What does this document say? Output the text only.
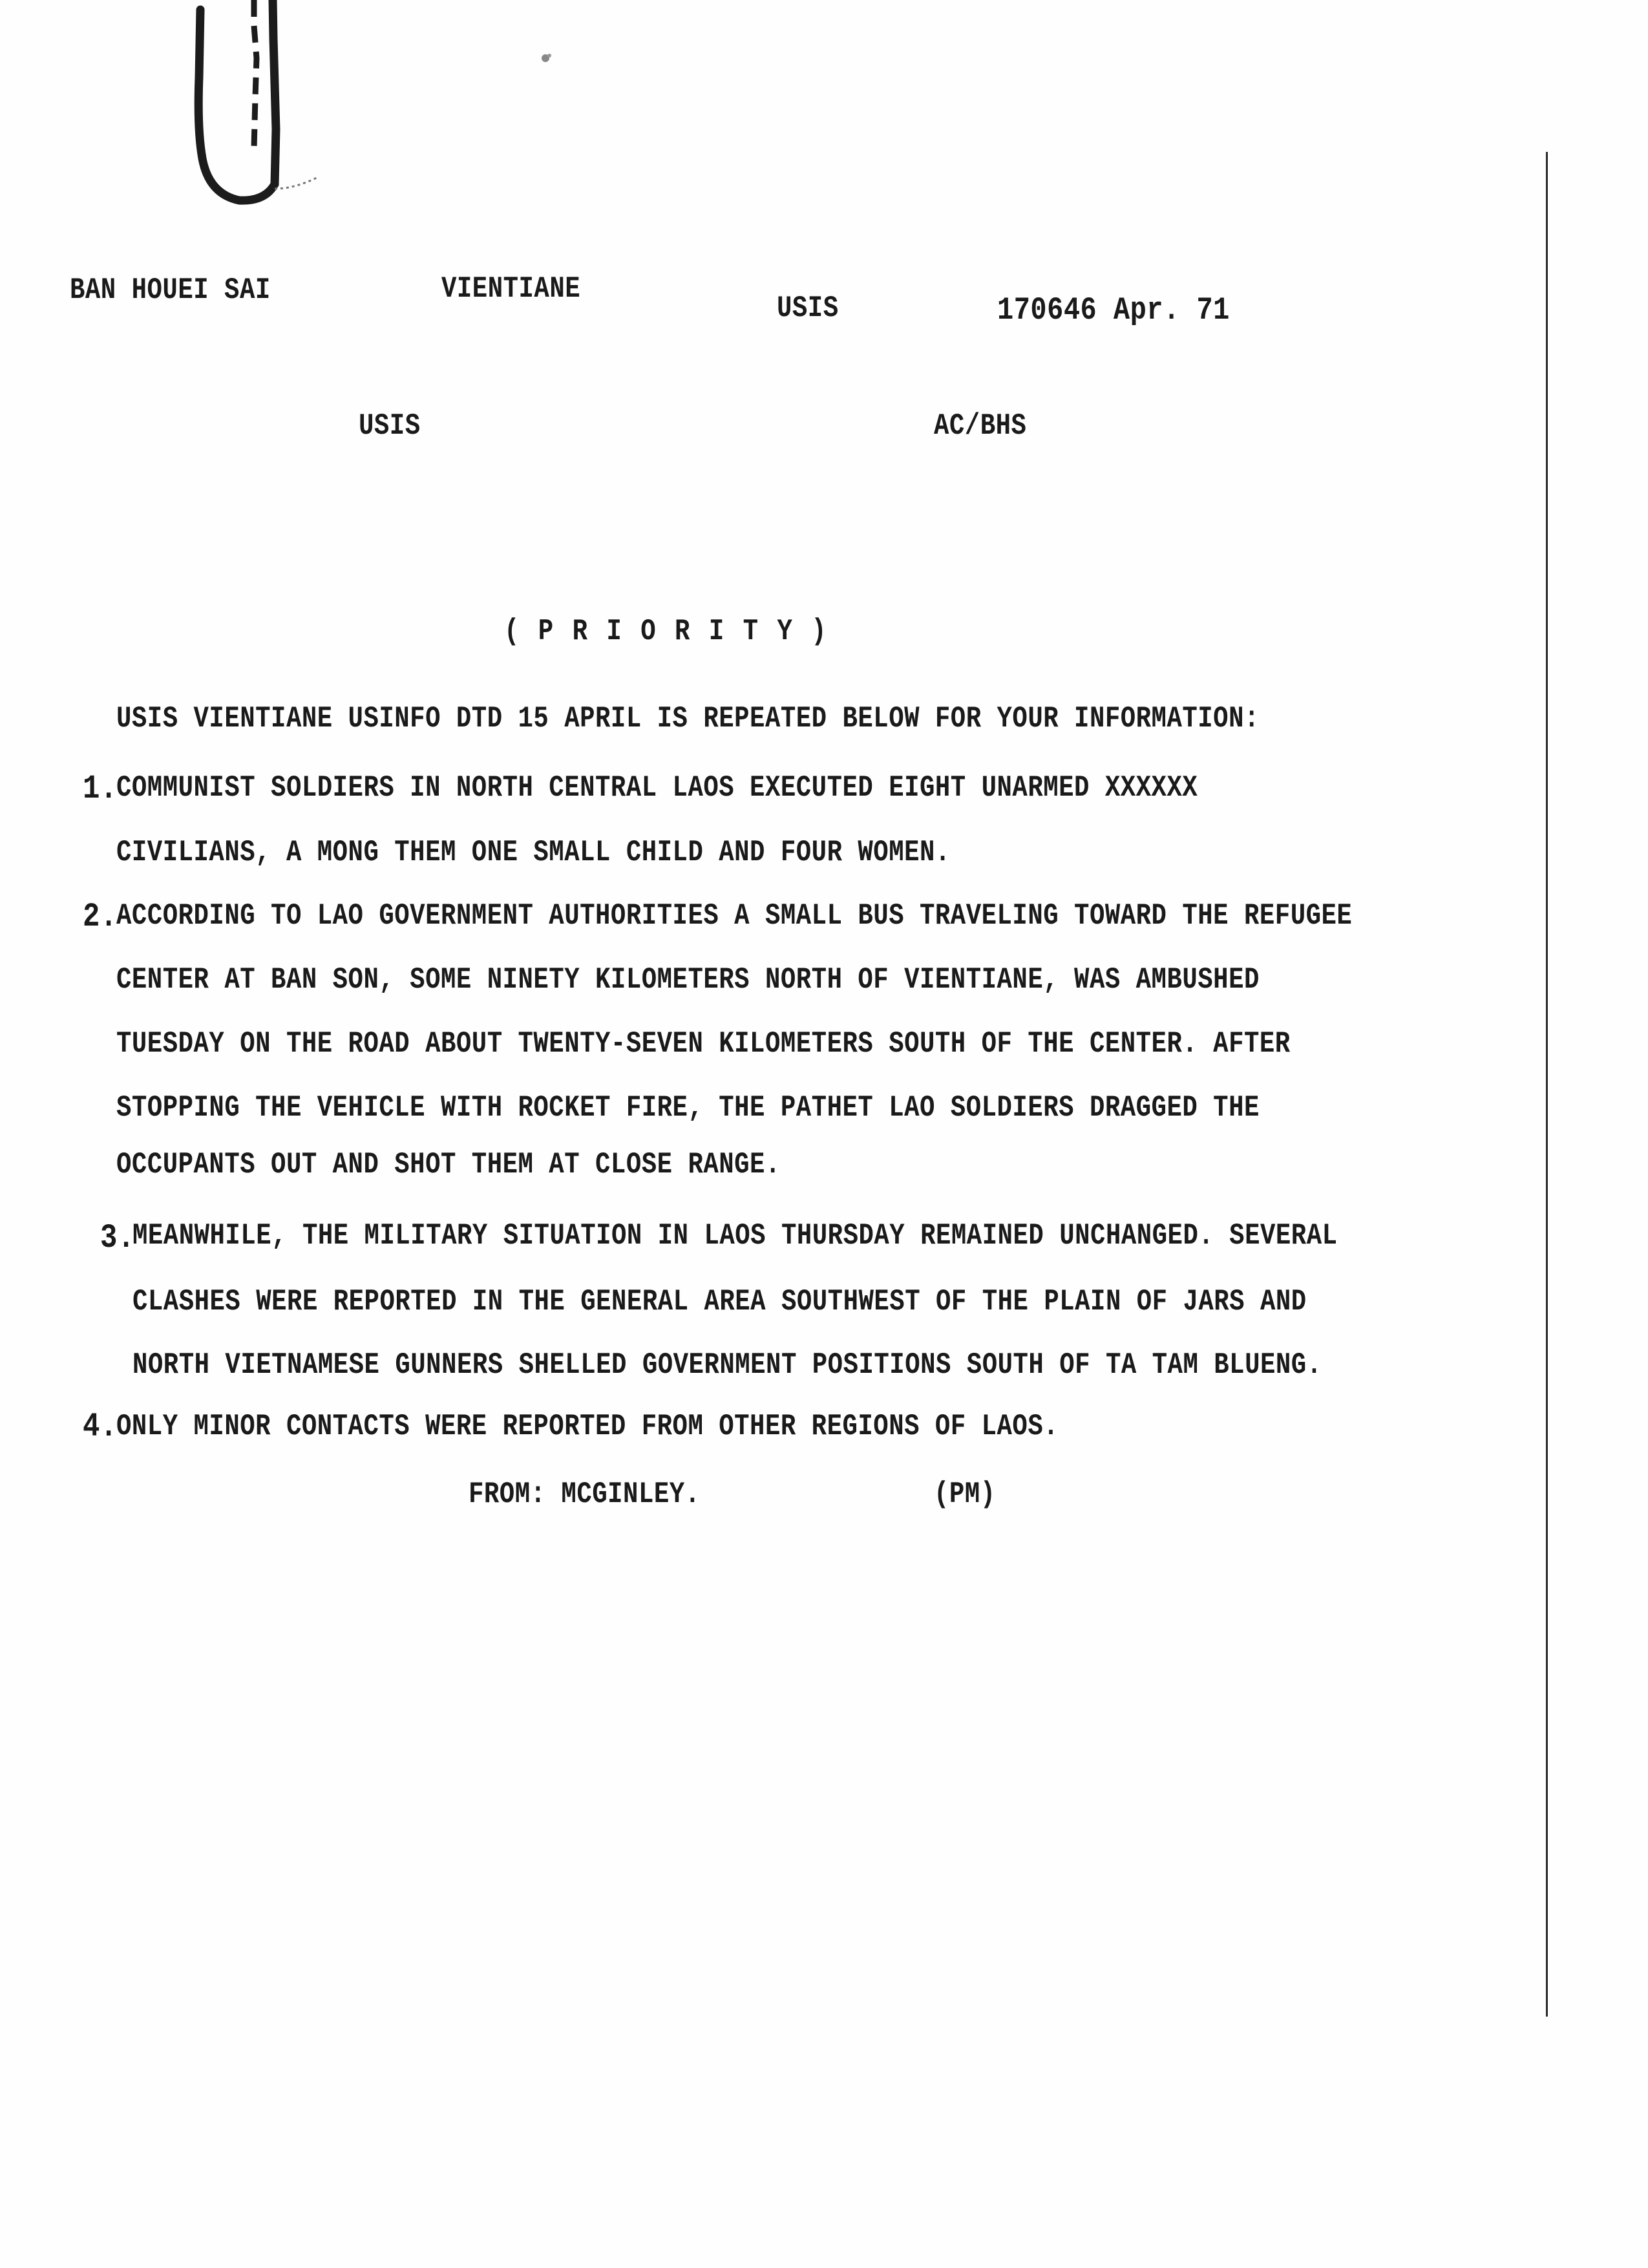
BAN HOUEI SAI	VIENTIANE
USIS	170646 Apr. 71
USIS	AC/BHS
( P R I O R I T Y )
USIS VIENTIANE USINFO DTD 15 APRIL IS REPEATED BELOW FOR YOUR INFORMATION:
1.
COMMUNIST SOLDIERS IN NORTH CENTRAL LAOS EXECUTED EIGHT UNARMED XXXXXX
CIVILIANS, A MONG THEM ONE SMALL CHILD AND FOUR WOMEN.
2.
ACCORDING TO LAO GOVERNMENT AUTHORITIES A SMALL BUS TRAVELING TOWARD THE REFUGEE
CENTER AT BAN SON, SOME NINETY KILOMETERS NORTH OF VIENTIANE, WAS AMBUSHED
TUESDAY ON THE ROAD ABOUT TWENTY-SEVEN KILOMETERS SOUTH OF THE CENTER. AFTER
STOPPING THE VEHICLE WITH ROCKET FIRE, THE PATHET LAO SOLDIERS DRAGGED THE
OCCUPANTS OUT AND SHOT THEM AT CLOSE RANGE.
3.
MEANWHILE, THE MILITARY SITUATION IN LAOS THURSDAY REMAINED UNCHANGED. SEVERAL
CLASHES WERE REPORTED IN THE GENERAL AREA SOUTHWEST OF THE PLAIN OF JARS AND
NORTH VIETNAMESE GUNNERS SHELLED GOVERNMENT POSITIONS SOUTH OF TA TAM BLUENG.
4.
ONLY MINOR CONTACTS WERE REPORTED FROM OTHER REGIONS OF LAOS.
FROM: MCGINLEY.	(PM)
